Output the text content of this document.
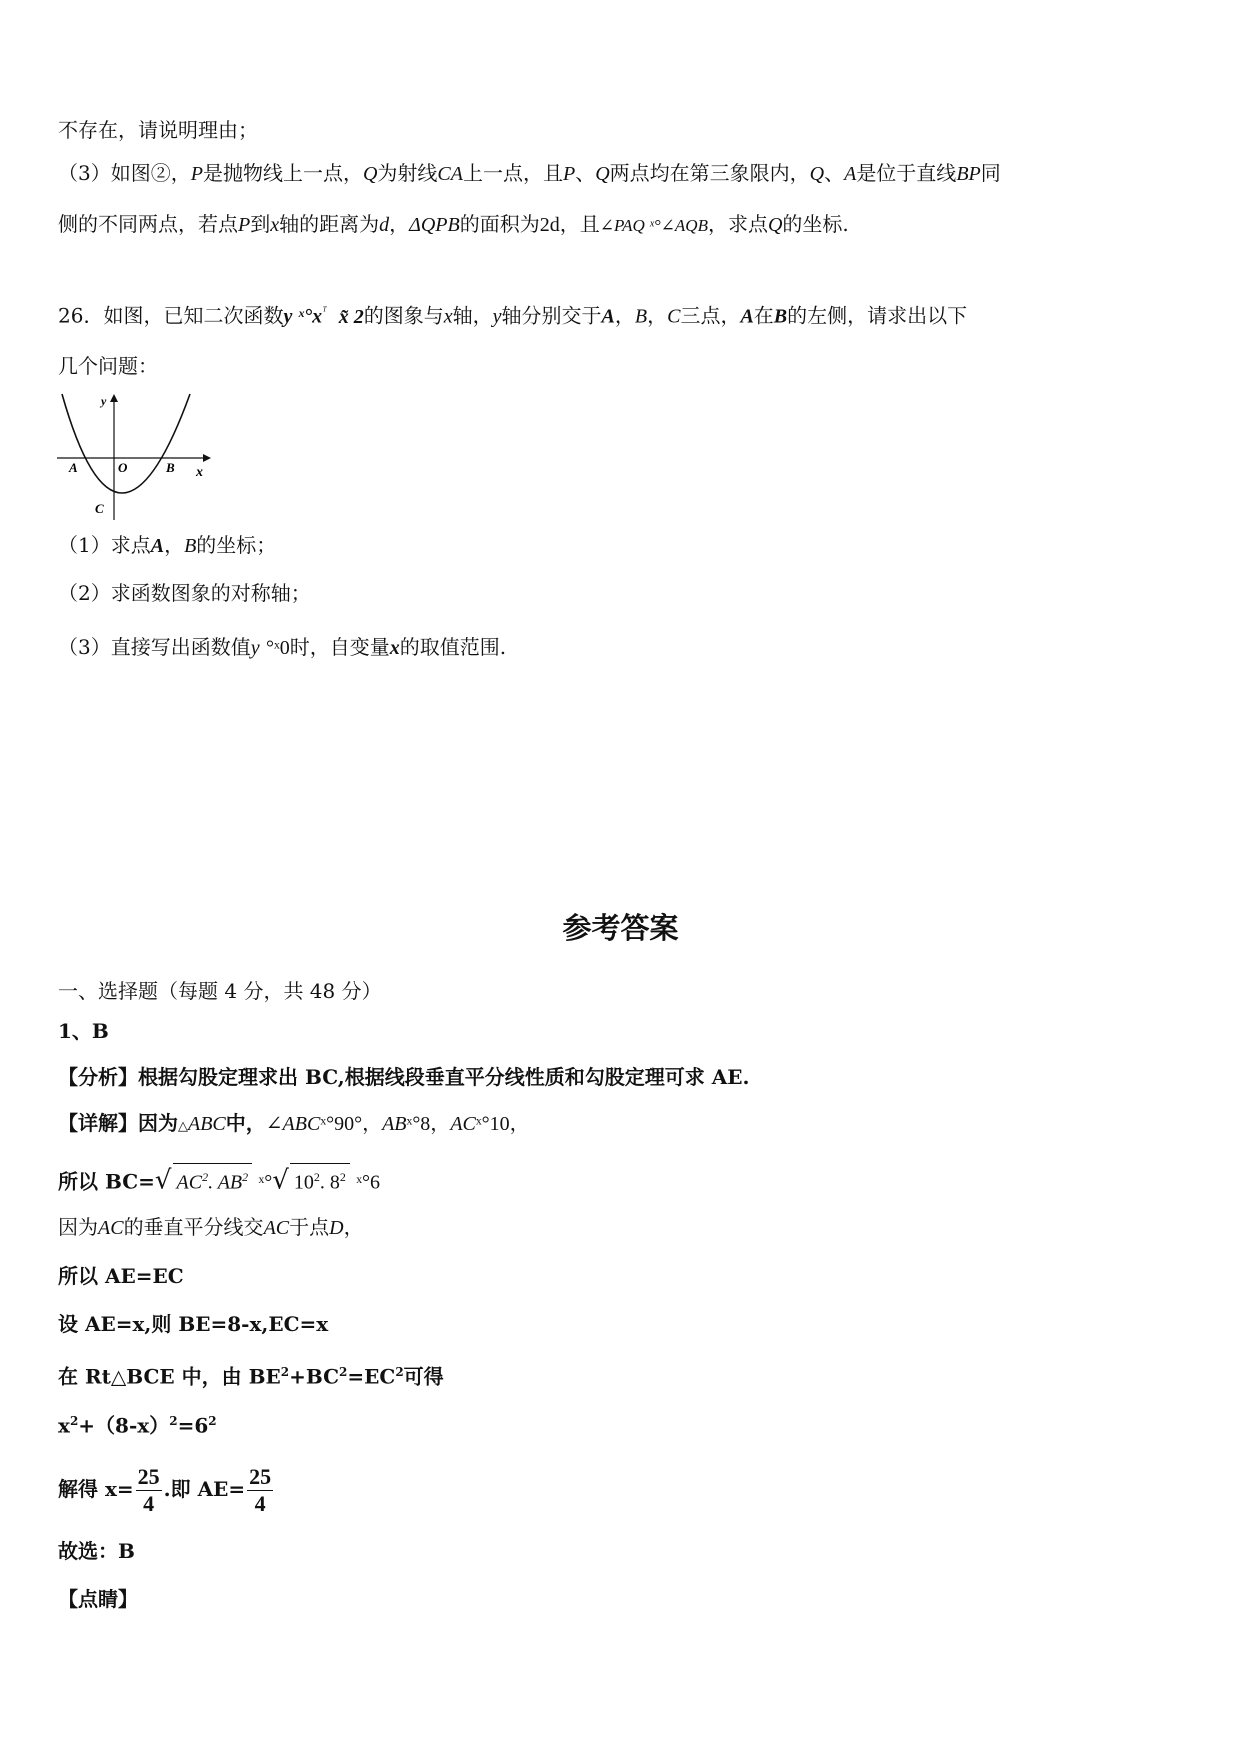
不存在，请说明理由；
（3）如图②，P是抛物线上一点，Q为射线CA上一点，且P、Q两点均在第三象限内，Q、A是位于直线BP同
侧的不同两点，若点P到x轴的距离为d，ΔQPB的面积为2d，且∠PAQ ˣ°∠AQB，求点Q的坐标.
26．如图，已知二次函数y $ˣ^\circ x^ᵀ$ x̃ 2的图象与x轴，y轴分别交于A，B，C三点，A在B的左侧，请求出以下
几个问题：
y
x
O
A	B
C
（1）求点A，B的坐标；
（2）求函数图象的对称轴；
（3）直接写出函数值y °ˣ0时，自变量x的取值范围.
参考答案
一、选择题（每题 4 分，共 48 分）
1、B
【分析】根据勾股定理求出 BC,根据线段垂直平分线性质和勾股定理可求 AE.
【详解】因为△ABC中，∠ABCˣ°90°，ABˣ°8，ACˣ°10，
所以 BC=√ $AC^2$. $AB^2$ ˣ°√ $10^2$. $8^2$ ˣ°6
因为AC的垂直平分线交AC于点D，
所以 AE=EC
设 AE=x,则 BE=8-x,EC=x
在 Rt△BCE 中，由 $BE^2+BC^2=EC^2$可得
$x^2+(8-x)^2=6^2$
解得 $x= \frac{25}{4}$ .即 $AE= \frac{25}{4}$
故选：B
【点睛】
